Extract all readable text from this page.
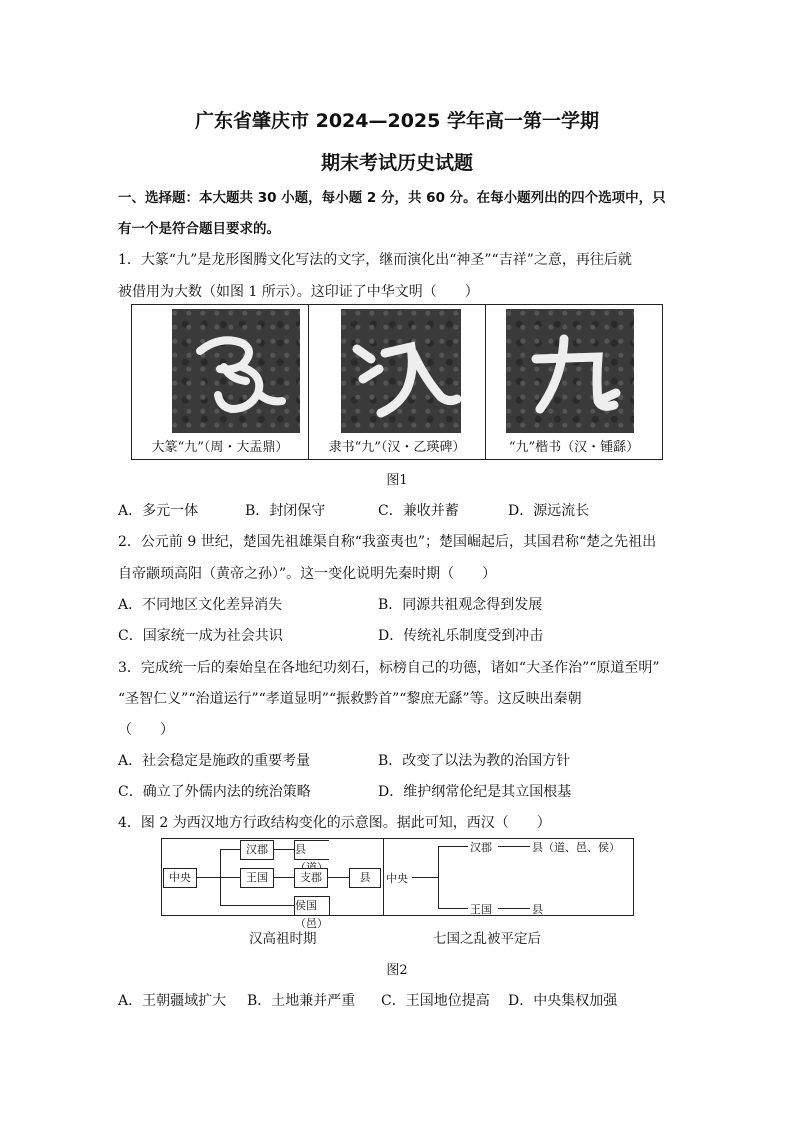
广东省肇庆市 2024—2025 学年高一第一学期
期末考试历史试题
一、选择题：本大题共 30 小题，每小题 2 分，共 60 分。在每小题列出的四个选项中，只
有一个是符合题目要求的。
1．大篆“九”是龙形图腾文化写法的文字，继而演化出“神圣”“吉祥”之意，再往后就
被借用为大数（如图 1 所示）。这印证了中华文明（　　）
大篆“九”（周・大盂鼎）	隶书“九”（汉・乙瑛碑）	“九”楷书（汉・锺繇）
图1
A．多元一体	B．封闭保守	C．兼收并蓄	D．源远流长
2．公元前 9 世纪，楚国先祖雄渠自称“我蛮夷也”；楚国崛起后，其国君称“楚之先祖出
自帝颛顼高阳（黄帝之孙）”。这一变化说明先秦时期（　　）
A．不同地区文化差异消失	B．同源共祖观念得到发展
C．国家统一成为社会共识	D．传统礼乐制度受到冲击
3．完成统一后的秦始皇在各地纪功刻石，标榜自己的功德，诸如“大圣作治”“原道至明”
“圣智仁义”“治道运行”“孝道显明”“振救黔首”“黎庶无繇”等。这反映出秦朝
（　　）
A．社会稳定是施政的重要考量	B．改变了以法为教的治国方针
C．确立了外儒内法的统治策略	D．维护纲常伦纪是其立国根基
4．图 2 为西汉地方行政结构变化的示意图。据此可知，西汉（　　）
中央
汉郡
王国
县
支郡
侯国（邑）
县	中央
汉郡	县（道、邑、侯）
王国	县
汉高祖时期	七国之乱被平定后
图2
A．王朝疆域扩大 B．土地兼并严重 C．王国地位提高 D．中央集权加强
